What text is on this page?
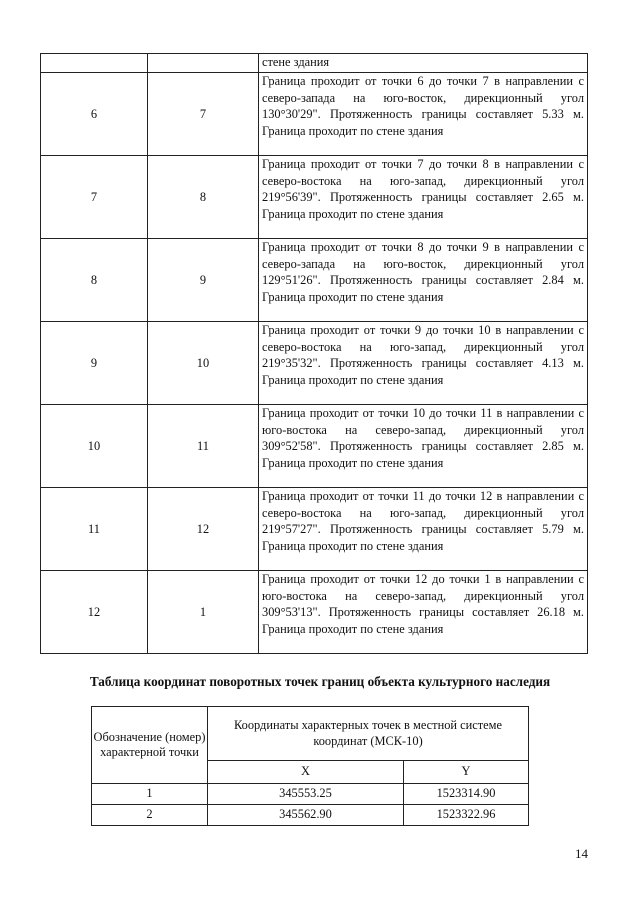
		стене здания
6	7	Граница проходит от точки 6 до точки 7 в направлении с северо-запада на юго-восток, дирекционный угол 130°30'29". Протяженность границы составляет 5.33 м. Граница проходит по стене здания
7	8	Граница проходит от точки 7 до точки 8 в направлении с северо-востока на юго-запад, дирекционный угол 219°56'39". Протяженность границы составляет 2.65 м. Граница проходит по стене здания
8	9	Граница проходит от точки 8 до точки 9 в направлении с северо-запада на юго-восток, дирекционный угол 129°51'26". Протяженность границы составляет 2.84 м. Граница проходит по стене здания
9	10	Граница проходит от точки 9 до точки 10 в направлении с северо-востока на юго-запад, дирекционный угол 219°35'32". Протяженность границы составляет 4.13 м. Граница проходит по стене здания
10	11	Граница проходит от точки 10 до точки 11 в направлении с юго-востока на северо-запад, дирекционный угол 309°52'58". Протяженность границы составляет 2.85 м. Граница проходит по стене здания
11	12	Граница проходит от точки 11 до точки 12 в направлении с северо-востока на юго-запад, дирекционный угол 219°57'27". Протяженность границы составляет 5.79 м. Граница проходит по стене здания
12	1	Граница проходит от точки 12 до точки 1 в направлении с юго-востока на северо-запад, дирекционный угол 309°53'13". Протяженность границы составляет 26.18 м. Граница проходит по стене здания
Таблица координат поворотных точек границ объекта культурного наследия
Обозначение (номер) характерной точки	Координаты характерных точек в местной системе координат (МСК-10)	
	X	Y
1	345553.25	1523314.90
2	345562.90	1523322.96
14
